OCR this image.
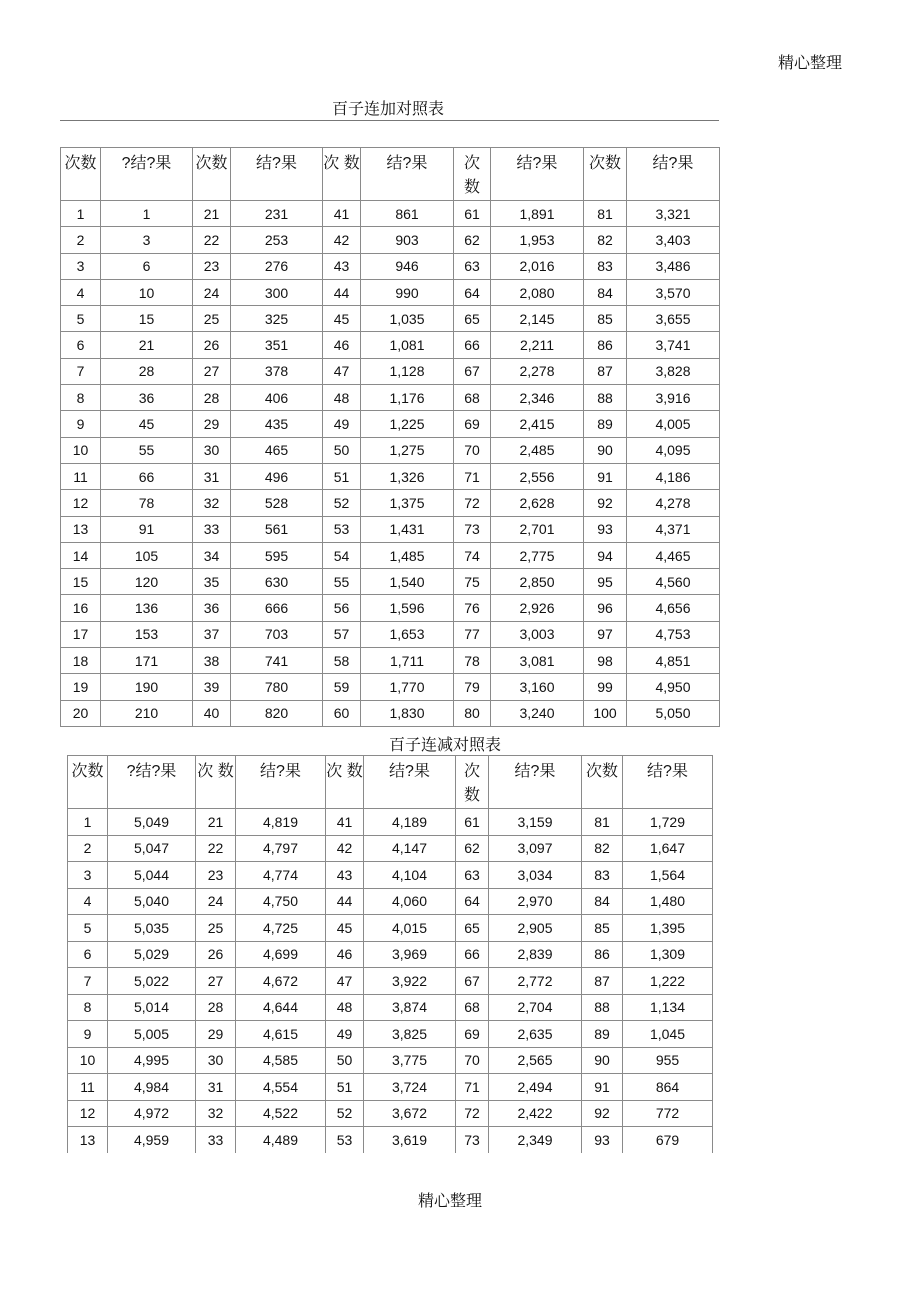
精心整理
百子连加对照表
次数	?结?果	次数	结?果	次 数	结?果	次 数	结?果	次数	结?果
1	1	21	231	41	861	61	1,891	81	3,321
2	3	22	253	42	903	62	1,953	82	3,403
3	6	23	276	43	946	63	2,016	83	3,486
4	10	24	300	44	990	64	2,080	84	3,570
5	15	25	325	45	1,035	65	2,145	85	3,655
6	21	26	351	46	1,081	66	2,211	86	3,741
7	28	27	378	47	1,128	67	2,278	87	3,828
8	36	28	406	48	1,176	68	2,346	88	3,916
9	45	29	435	49	1,225	69	2,415	89	4,005
10	55	30	465	50	1,275	70	2,485	90	4,095
11	66	31	496	51	1,326	71	2,556	91	4,186
12	78	32	528	52	1,375	72	2,628	92	4,278
13	91	33	561	53	1,431	73	2,701	93	4,371
14	105	34	595	54	1,485	74	2,775	94	4,465
15	120	35	630	55	1,540	75	2,850	95	4,560
16	136	36	666	56	1,596	76	2,926	96	4,656
17	153	37	703	57	1,653	77	3,003	97	4,753
18	171	38	741	58	1,711	78	3,081	98	4,851
19	190	39	780	59	1,770	79	3,160	99	4,950
20	210	40	820	60	1,830	80	3,240	100	5,050
百子连减对照表
次数	?结?果	次 数	结?果	次 数	结?果	次 数	结?果	次数	结?果
1	5,049	21	4,819	41	4,189	61	3,159	81	1,729
2	5,047	22	4,797	42	4,147	62	3,097	82	1,647
3	5,044	23	4,774	43	4,104	63	3,034	83	1,564
4	5,040	24	4,750	44	4,060	64	2,970	84	1,480
5	5,035	25	4,725	45	4,015	65	2,905	85	1,395
6	5,029	26	4,699	46	3,969	66	2,839	86	1,309
7	5,022	27	4,672	47	3,922	67	2,772	87	1,222
8	5,014	28	4,644	48	3,874	68	2,704	88	1,134
9	5,005	29	4,615	49	3,825	69	2,635	89	1,045
10	4,995	30	4,585	50	3,775	70	2,565	90	955
11	4,984	31	4,554	51	3,724	71	2,494	91	864
12	4,972	32	4,522	52	3,672	72	2,422	92	772
13	4,959	33	4,489	53	3,619	73	2,349	93	679
精心整理
